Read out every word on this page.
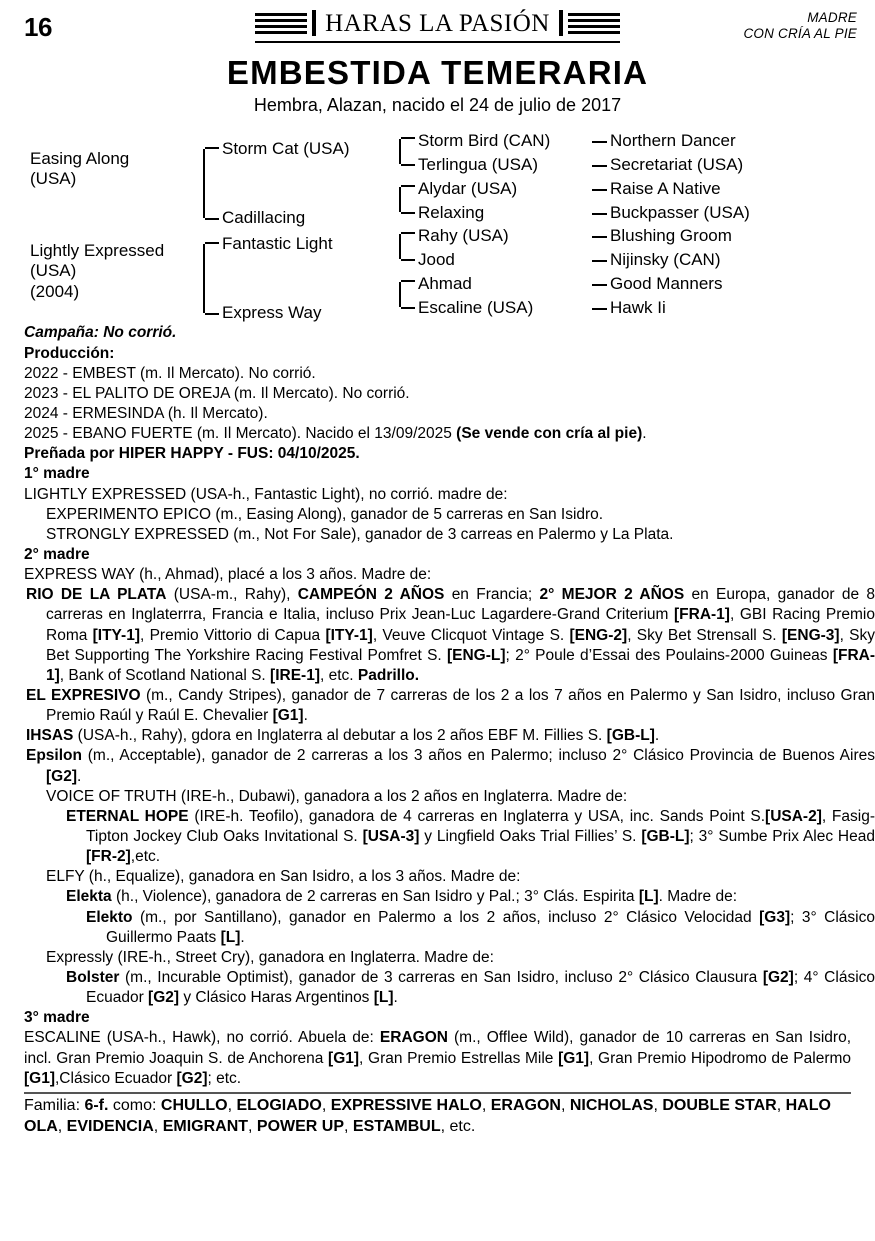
16	HARAS LA PASIÓN	MADRE
CON CRÍA AL PIE
EMBESTIDA TEMERARIA
Hembra, Alazan, nacido el 24 de julio de 2017
Easing Along
(USA)
Lightly Expressed
(USA)
(2004)
Storm Cat (USA)
Cadillacing
Fantastic Light
Express Way
Storm Bird (CAN)
Terlingua (USA)
Alydar (USA)
Relaxing
Rahy (USA)
Jood
Ahmad
Escaline (USA)
Northern Dancer
Secretariat (USA)
Raise A Native
Buckpasser (USA)
Blushing Groom
Nijinsky (CAN)
Good Manners
Hawk Ii

Campaña: No corrió.

Producción:

2022 - EMBEST (m. Il Mercato). No corrió.

2023 - EL PALITO DE OREJA (m. Il Mercato). No corrió.

2024 - ERMESINDA (h. Il Mercato).

2025 - EBANO FUERTE (m. Il Mercato). Nacido el 13/09/2025 (Se vende con cría al pie).

Preñada por HIPER HAPPY - FUS: 04/10/2025.

1° madre

LIGHTLY EXPRESSED (USA-h., Fantastic Light), no corrió. madre de:

EXPERIMENTO EPICO (m., Easing Along), ganador de 5 carreras en San Isidro.

STRONGLY EXPRESSED (m., Not For Sale), ganador de 3 carreas en Palermo y La Plata.

2° madre

EXPRESS WAY (h., Ahmad), placé a los 3 años. Madre de:

RIO DE LA PLATA (USA-m., Rahy), CAMPEÓN 2 AÑOS en Francia; 2° MEJOR 2 AÑOS en Europa, ganador de 8 carreras en Inglaterrra, Francia e Italia, incluso Prix Jean-Luc Lagardere-Grand Criterium [FRA-1], GBI Racing Premio Roma [ITY-1], Premio Vittorio di Capua [ITY-1], Veuve Clicquot Vintage S. [ENG-2], Sky Bet Strensall S. [ENG-3], Sky Bet Supporting The Yorkshire Racing Festival Pomfret S. [ENG-L]; 2° Poule d’Essai des Poulains-2000 Guineas [FRA-1], Bank of Scotland National S. [IRE-1], etc. Padrillo.

EL EXPRESIVO (m., Candy Stripes), ganador de 7 carreras de los 2 a los 7 años en Palermo y San Isidro, incluso Gran Premio Raúl y Raúl E. Chevalier [G1].

IHSAS (USA-h., Rahy), gdora en Inglaterra al debutar a los 2 años EBF M. Fillies S. [GB-L].

Epsilon (m., Acceptable), ganador de 2 carreras a los 3 años en Palermo; incluso 2° Clásico Provincia de Buenos Aires [G2].

VOICE OF TRUTH (IRE-h., Dubawi), ganadora a los 2 años en Inglaterra. Madre de:

ETERNAL HOPE (IRE-h. Teofilo), ganadora de 4 carreras en Inglaterra y USA, inc. Sands Point S.[USA-2], Fasig-Tipton Jockey Club Oaks Invitational S. [USA-3] y Lingfield Oaks Trial Fillies’ S. [GB-L]; 3° Sumbe Prix Alec Head [FR-2],etc.

ELFY (h., Equalize), ganadora en San Isidro, a los 3 años. Madre de:

Elekta (h., Violence), ganadora de 2 carreras en San Isidro y Pal.; 3° Clás. Espirita [L]. Madre de:

Elekto (m., por Santillano), ganador en Palermo a los 2 años, incluso 2° Clásico Velocidad [G3]; 3° Clásico Guillermo Paats [L].

Expressly (IRE-h., Street Cry), ganadora en Inglaterra. Madre de:

Bolster (m., Incurable Optimist), ganador de 3 carreras en San Isidro, incluso 2° Clásico Clausura [G2]; 4° Clásico Ecuador [G2] y Clásico Haras Argentinos [L].

3° madre

ESCALINE (USA-h., Hawk), no corrió. Abuela de: ERAGON (m., Offlee Wild), ganador de 10 carreras en San Isidro, incl. Gran Premio Joaquin S. de Anchorena [G1], Gran Premio Estrellas Mile [G1], Gran Premio Hipodromo de Palermo [G1],Clásico Ecuador [G2]; etc.

Familia: 6-f. como: CHULLO, ELOGIADO, EXPRESSIVE HALO, ERAGON, NICHOLAS, DOUBLE STAR, HALO OLA, EVIDENCIA, EMIGRANT, POWER UP, ESTAMBUL, etc.
